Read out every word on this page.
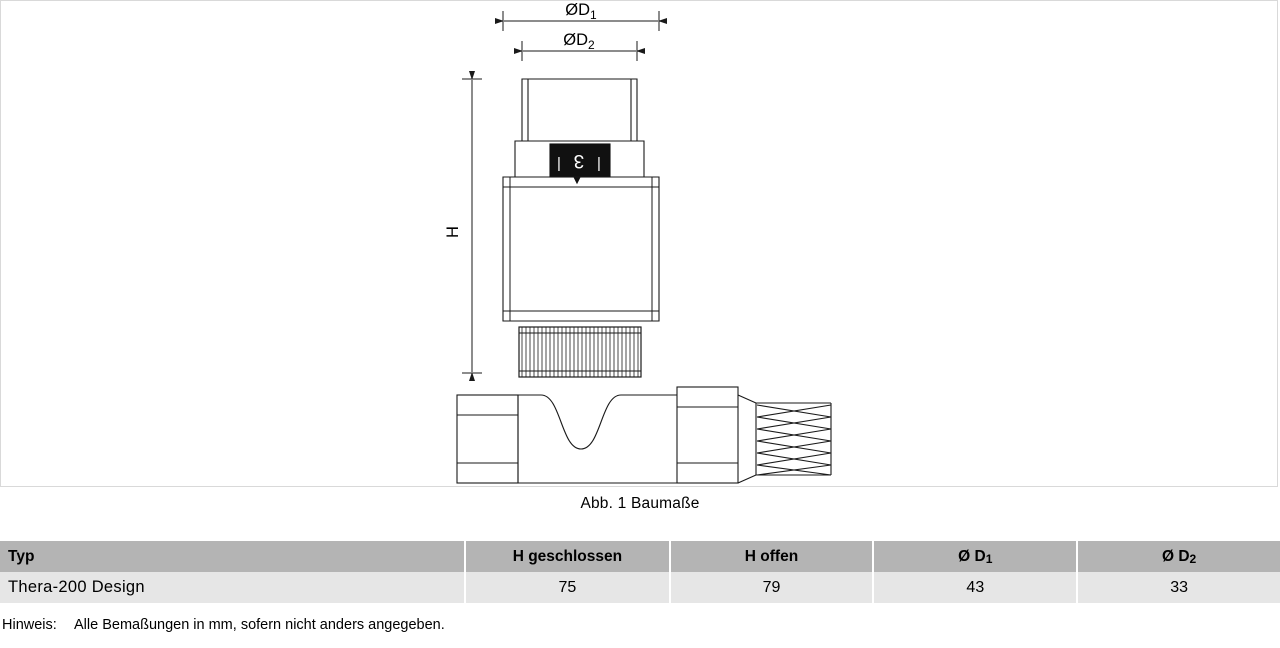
$ØD_1$
$ØD_2$
H
3
| |
Abb. 1 Baumaße
Typ	H geschlossen	H offen	Ø D1	Ø D2
Thera-200 Design	75	79	43	33
Hinweis: Alle Bemaßungen in mm, sofern nicht anders angegeben.
